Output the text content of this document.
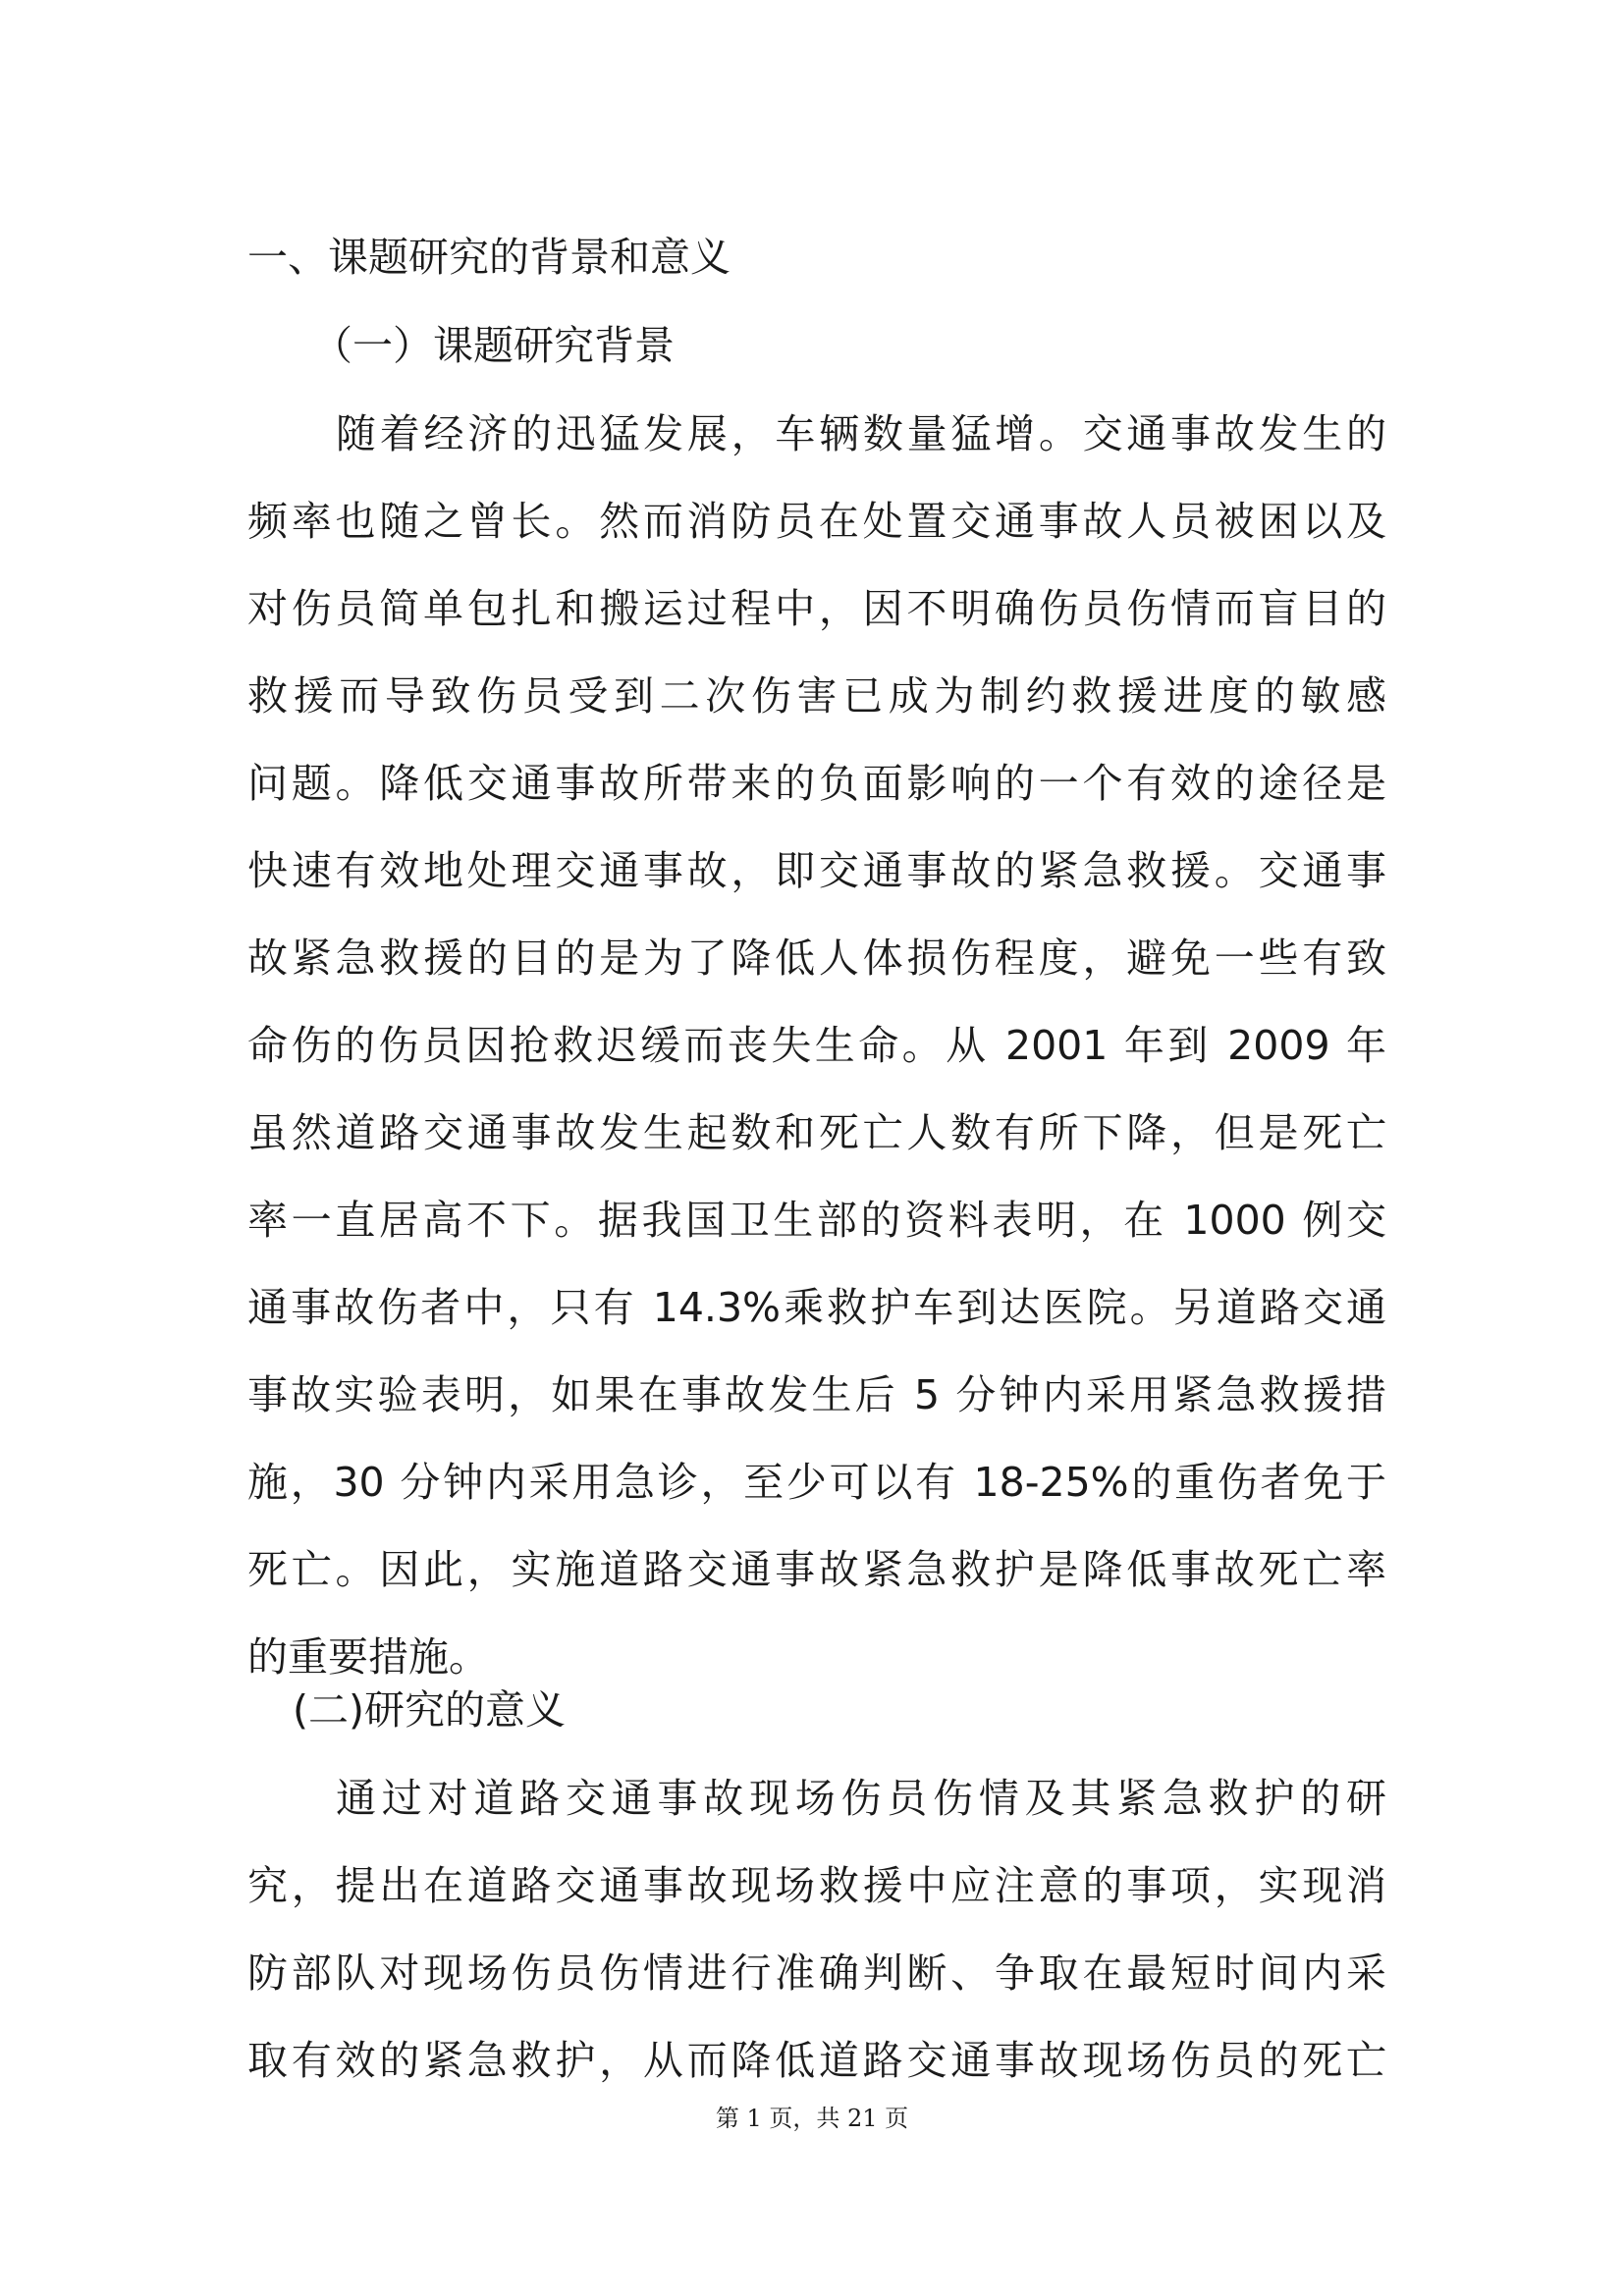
一、课题研究的背景和意义
（一）课题研究背景
随着经济的迅猛发展，车辆数量猛增。交通事故发生的
频率也随之曾长。然而消防员在处置交通事故人员被困以及
对伤员简单包扎和搬运过程中，因不明确伤员伤情而盲目的
救援而导致伤员受到二次伤害已成为制约救援进度的敏感
问题。降低交通事故所带来的负面影响的一个有效的途径是
快速有效地处理交通事故，即交通事故的紧急救援。交通事
故紧急救援的目的是为了降低人体损伤程度，避免一些有致
命伤的伤员因抢救迟缓而丧失生命。从 2001 年到 2009 年
虽然道路交通事故发生起数和死亡人数有所下降，但是死亡
率一直居高不下。据我国卫生部的资料表明，在 1000 例交
通事故伤者中，只有 14.3%乘救护车到达医院。另道路交通
事故实验表明，如果在事故发生后 5 分钟内采用紧急救援措
施，30 分钟内采用急诊，至少可以有 18-25%的重伤者免于
死亡。因此，实施道路交通事故紧急救护是降低事故死亡率
的重要措施。
(二)研究的意义
通过对道路交通事故现场伤员伤情及其紧急救护的研
究，提出在道路交通事故现场救援中应注意的事项，实现消
防部队对现场伤员伤情进行准确判断、争取在最短时间内采
取有效的紧急救护，从而降低道路交通事故现场伤员的死亡
第 1 页，共 21 页
